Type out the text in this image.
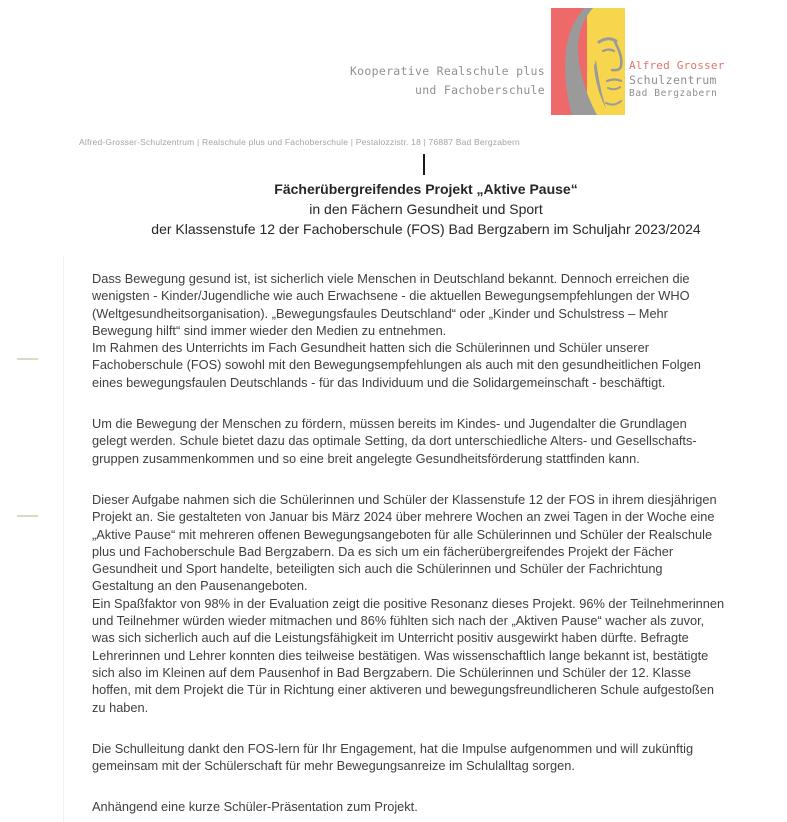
Kooperative Realschule plus
und Fachoberschule
Alfred Grosser
Schulzentrum
Bad Bergzabern
Alfred-Grosser-Schulzentrum | Realschule plus und Fachoberschule | Pestalozzistr. 18 | 76887 Bad Bergzabern
Fächerübergreifendes Projekt „Aktive Pause“
in den Fächern Gesundheit und Sport
der Klassenstufe 12 der Fachoberschule (FOS) Bad Bergzabern im Schuljahr 2023/2024
Dass Bewegung gesund ist, ist sicherlich viele Menschen in Deutschland bekannt. Dennoch erreichen die
wenigsten - Kinder/Jugendliche wie auch Erwachsene - die aktuellen Bewegungsempfehlungen der WHO
(Weltgesundheitsorganisation). „Bewegungsfaules Deutschland“ oder „Kinder und Schulstress – Mehr
Bewegung hilft“ sind immer wieder den Medien zu entnehmen.
Im Rahmen des Unterrichts im Fach Gesundheit hatten sich die Schülerinnen und Schüler unserer
Fachoberschule (FOS) sowohl mit den Bewegungsempfehlungen als auch mit den gesundheitlichen Folgen
eines bewegungsfaulen Deutschlands - für das Individuum und die Solidargemeinschaft - beschäftigt.
Um die Bewegung der Menschen zu fördern, müssen bereits im Kindes- und Jugendalter die Grundlagen
gelegt werden. Schule bietet dazu das optimale Setting, da dort unterschiedliche Alters- und Gesellschafts-
gruppen zusammenkommen und so eine breit angelegte Gesundheitsförderung stattfinden kann.
Dieser Aufgabe nahmen sich die Schülerinnen und Schüler der Klassenstufe 12 der FOS in ihrem diesjährigen
Projekt an. Sie gestalteten von Januar bis März 2024 über mehrere Wochen an zwei Tagen in der Woche eine
„Aktive Pause“ mit mehreren offenen Bewegungsangeboten für alle Schülerinnen und Schüler der Realschule
plus und Fachoberschule Bad Bergzabern. Da es sich um ein fächerübergreifendes Projekt der Fächer
Gesundheit und Sport handelte, beteiligten sich auch die Schülerinnen und Schüler der Fachrichtung
Gestaltung an den Pausenangeboten.
Ein Spaßfaktor von 98% in der Evaluation zeigt die positive Resonanz dieses Projekt. 96% der Teilnehmerinnen
und Teilnehmer würden wieder mitmachen und 86% fühlten sich nach der „Aktiven Pause“ wacher als zuvor,
was sich sicherlich auch auf die Leistungsfähigkeit im Unterricht positiv ausgewirkt haben dürfte. Befragte
Lehrerinnen und Lehrer konnten dies teilweise bestätigen. Was wissenschaftlich lange bekannt ist, bestätigte
sich also im Kleinen auf dem Pausenhof in Bad Bergzabern. Die Schülerinnen und Schüler der 12. Klasse
hoffen, mit dem Projekt die Tür in Richtung einer aktiveren und bewegungsfreundlicheren Schule aufgestoßen
zu haben.
Die Schulleitung dankt den FOS-lern für Ihr Engagement, hat die Impulse aufgenommen und will zukünftig
gemeinsam mit der Schülerschaft für mehr Bewegungsanreize im Schulalltag sorgen.
Anhängend eine kurze Schüler-Präsentation zum Projekt.
